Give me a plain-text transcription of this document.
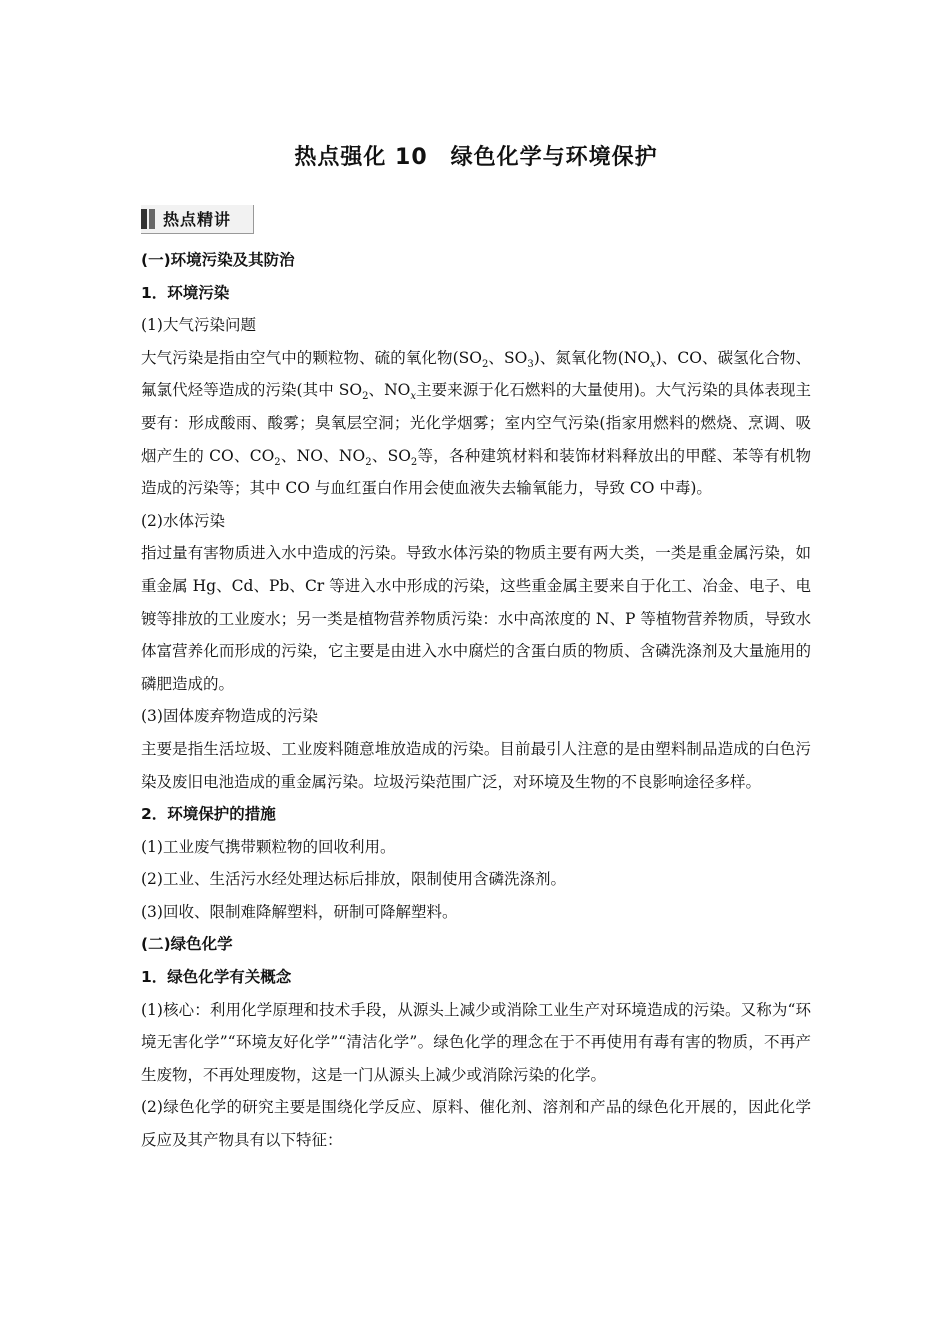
热点强化 10　绿色化学与环境保护
热点精讲

(一)环境污染及其防治

1．环境污染

(1)大气污染问题

大气污染是指由空气中的颗粒物、硫的氧化物($SO_2$、$SO_3$)、氮氧化物$(NO_x)$、CO、碳氢化合物、氟氯代烃等造成的污染(其中 $SO_2$、$NO_x$主要来源于化石燃料的大量使用)。大气污染的具体表现主要有：形成酸雨、酸雾；臭氧层空洞；光化学烟雾；室内空气污染(指家用燃料的燃烧、烹调、吸烟产生的 CO、$CO_2$、NO、$NO_2$、$SO_2$等，各种建筑材料和装饰材料释放出的甲醛、苯等有机物造成的污染等；其中 CO 与血红蛋白作用会使血液失去输氧能力，导致 CO 中毒)。

(2)水体污染

指过量有害物质进入水中造成的污染。导致水体污染的物质主要有两大类，一类是重金属污染，如重金属 Hg、Cd、Pb、Cr 等进入水中形成的污染，这些重金属主要来自于化工、冶金、电子、电镀等排放的工业废水；另一类是植物营养物质污染：水中高浓度的 N、P 等植物营养物质，导致水体富营养化而形成的污染，它主要是由进入水中腐烂的含蛋白质的物质、含磷洗涤剂及大量施用的磷肥造成的。

(3)固体废弃物造成的污染

主要是指生活垃圾、工业废料随意堆放造成的污染。目前最引人注意的是由塑料制品造成的白色污染及废旧电池造成的重金属污染。垃圾污染范围广泛，对环境及生物的不良影响途径多样。

2．环境保护的措施

(1)工业废气携带颗粒物的回收利用。

(2)工业、生活污水经处理达标后排放，限制使用含磷洗涤剂。

(3)回收、限制难降解塑料，研制可降解塑料。

(二)绿色化学

1．绿色化学有关概念

(1)核心：利用化学原理和技术手段，从源头上减少或消除工业生产对环境造成的污染。又称为“环境无害化学”“环境友好化学”“清洁化学”。绿色化学的理念在于不再使用有毒有害的物质，不再产生废物，不再处理废物，这是一门从源头上减少或消除污染的化学。

(2)绿色化学的研究主要是围绕化学反应、原料、催化剂、溶剂和产品的绿色化开展的，因此化学反应及其产物具有以下特征：
